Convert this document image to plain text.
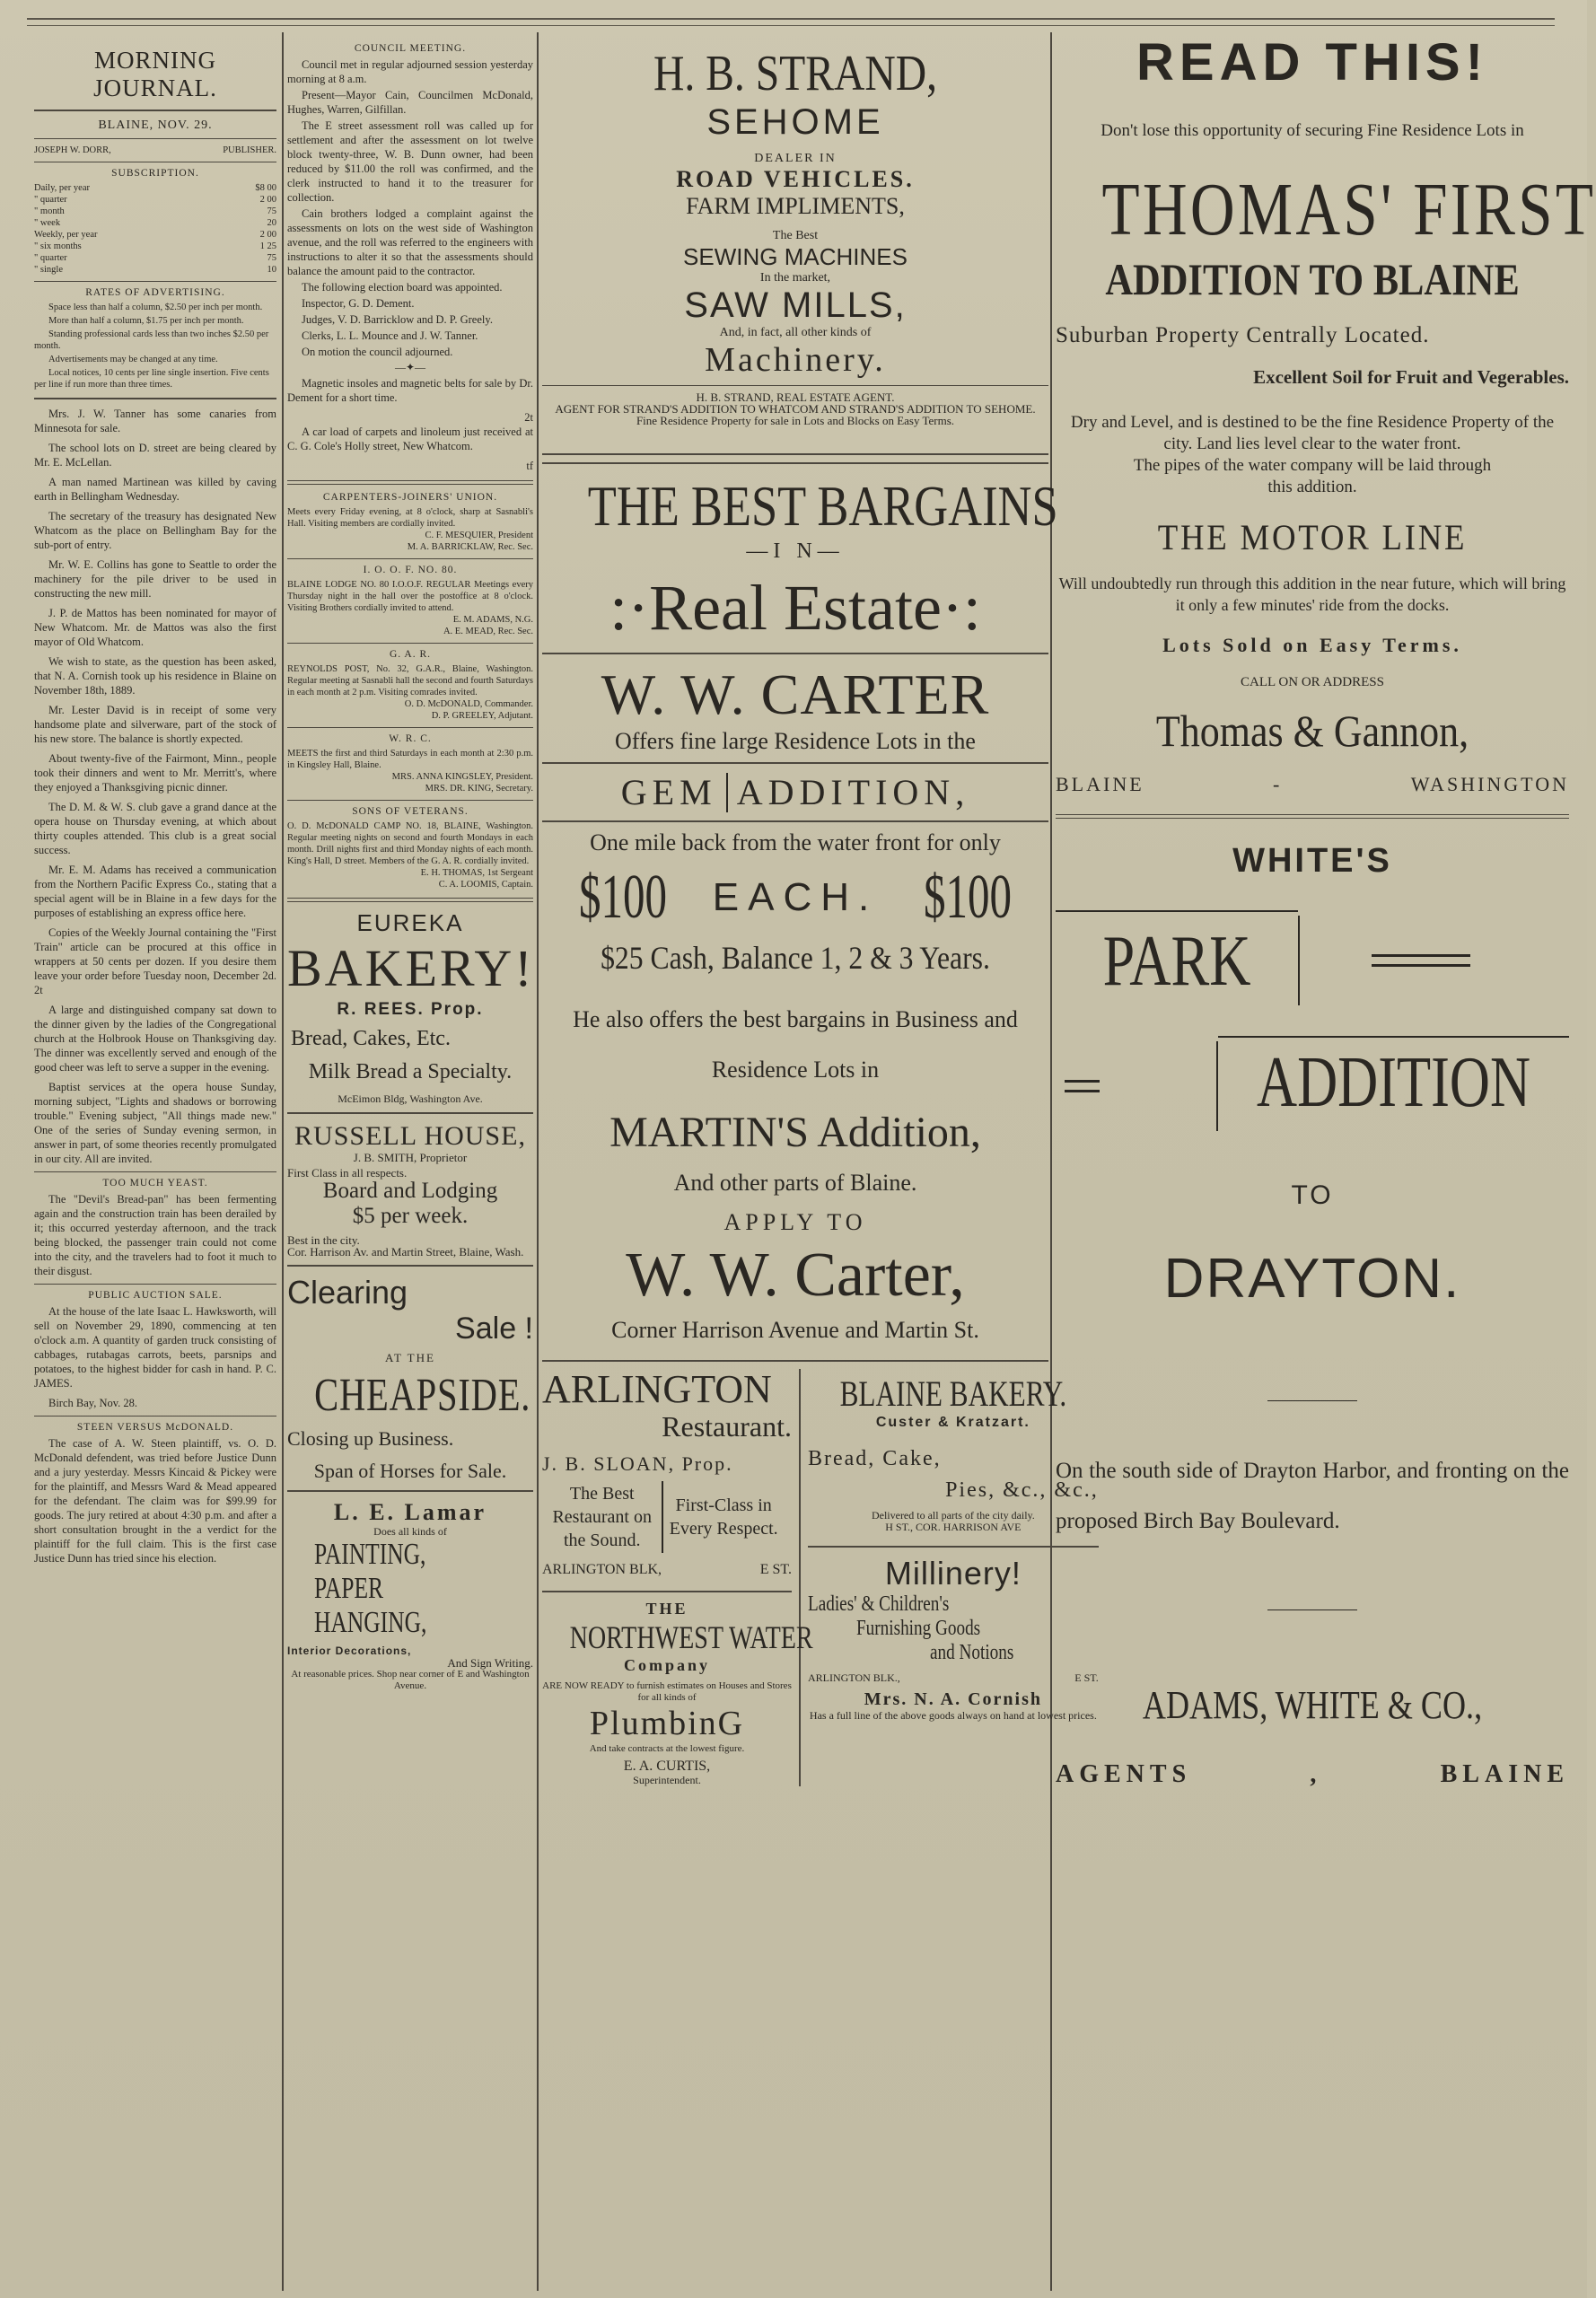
MORNING JOURNAL.
BLAINE, NOV. 29.
JOSEPH W. DORR,	PUBLISHER.
SUBSCRIPTION.
Daily, per year	$8 00
" quarter	2 00
" month	75
" week	20
Weekly, per year	2 00
" six months	1 25
" quarter	75
" single	10
RATES OF ADVERTISING.

Space less than half a column, $2.50 per inch per month.

More than half a column, $1.75 per inch per month.

Standing professional cards less than two inches $2.50 per month.

Advertisements may be changed at any time.

Local notices, 10 cents per line single insertion. Five cents per line if run more than three times.

Mrs. J. W. Tanner has some canaries from Minnesota for sale.

The school lots on D. street are being cleared by Mr. E. McLellan.

A man named Martinean was killed by caving earth in Bellingham Wednesday.

The secretary of the treasury has designated New Whatcom as the place on Bellingham Bay for the sub-port of entry.

Mr. W. E. Collins has gone to Seattle to order the machinery for the pile driver to be used in constructing the new mill.

J. P. de Mattos has been nominated for mayor of New Whatcom. Mr. de Mattos was also the first mayor of Old Whatcom.

We wish to state, as the question has been asked, that N. A. Cornish took up his residence in Blaine on November 18th, 1889.

Mr. Lester David is in receipt of some very handsome plate and silverware, part of the stock of his new store. The balance is shortly expected.

About twenty-five of the Fairmont, Minn., people took their dinners and went to Mr. Merritt's, where they enjoyed a Thanksgiving picnic dinner.

The D. M. & W. S. club gave a grand dance at the opera house on Thursday evening, at which about thirty couples attended. This club is a great social success.

Mr. E. M. Adams has received a communication from the Northern Pacific Express Co., stating that a special agent will be in Blaine in a few days for the purposes of establishing an express office here.

Copies of the Weekly Journal containing the "First Train" article can be procured at this office in wrappers at 50 cents per dozen. If you desire them leave your order before Tuesday noon, December 2d. 2t

A large and distinguished company sat down to the dinner given by the ladies of the Congregational church at the Holbrook House on Thanksgiving day. The dinner was excellently served and enough of the good cheer was left to serve a supper in the evening.

Baptist services at the opera house Sunday, morning subject, "Lights and shadows or borrowing trouble." Evening subject, "All things made new." One of the series of Sunday evening sermon, in answer in part, of some theories recently promulgated in our city. All are invited.

TOO MUCH YEAST.

The "Devil's Bread-pan" has been fermenting again and the construction train has been derailed by it; this occurred yesterday afternoon, and the track being blocked, the passenger train could not come into the city, and the travelers had to foot it much to their disgust.

PUBLIC AUCTION SALE.

At the house of the late Isaac L. Hawksworth, will sell on November 29, 1890, commencing at ten o'clock a.m. A quantity of garden truck consisting of cabbages, rutabagas carrots, beets, parsnips and potatoes, to the highest bidder for cash in hand. P. C. JAMES.

Birch Bay, Nov. 28.

STEEN VERSUS McDONALD.

The case of A. W. Steen plaintiff, vs. O. D. McDonald defendent, was tried before Justice Dunn and a jury yesterday. Messrs Kincaid & Pickey were for the plaintiff, and Messrs Ward & Mead appeared for the defendant. The claim was for $99.99 for goods. The jury retired at about 4:30 p.m. and after a short consultation brought in the a verdict for the plaintiff for the full claim. This is the first case Justice Dunn has tried since his election.

COUNCIL MEETING.

Council met in regular adjourned session yesterday morning at 8 a.m.

Present—Mayor Cain, Councilmen McDonald, Hughes, Warren, Gilfillan.

The E street assessment roll was called up for settlement and after the assessment on lot twelve block twenty-three, W. B. Dunn owner, had been reduced by $11.00 the roll was confirmed, and the clerk instructed to hand it to the treasurer for collection.

Cain brothers lodged a complaint against the assessments on lots on the west side of Washington avenue, and the roll was referred to the engineers with instructions to alter it so that the assessments should balance the amount paid to the contractor.

The following election board was appointed.

Inspector, G. D. Dement.

Judges, V. D. Barricklow and D. P. Greely.

Clerks, L. L. Mounce and J. W. Tanner.

On motion the council adjourned.

—✦—

Magnetic insoles and magnetic belts for sale by Dr. Dement for a short time.

2t

A car load of carpets and linoleum just received at C. G. Cole's Holly street, New Whatcom.

tf

CARPENTERS-JOINERS' UNION.

Meets every Friday evening, at 8 o'clock, sharp at Sasnabli's Hall. Visiting members are cordially invited.

C. F. MESQUIER, President

M. A. BARRICKLAW, Rec. Sec.

I. O. O. F. NO. 80.

BLAINE LODGE NO. 80 I.O.O.F. REGULAR Meetings every Thursday night in the hall over the postoffice at 8 o'clock. Visiting Brothers cordially invited to attend.

E. M. ADAMS, N.G.

A. E. MEAD, Rec. Sec.

G. A. R.

REYNOLDS POST, No. 32, G.A.R., Blaine, Washington. Regular meeting at Sasnabli hall the second and fourth Saturdays in each month at 2 p.m. Visiting comrades invited.

O. D. McDONALD, Commander.

D. P. GREELEY, Adjutant.

W. R. C.

MEETS the first and third Saturdays in each month at 2:30 p.m. in Kingsley Hall, Blaine.

MRS. ANNA KINGSLEY, President.

MRS. DR. KING, Secretary.

SONS OF VETERANS.

O. D. McDONALD CAMP NO. 18, BLAINE, Washington. Regular meeting nights on second and fourth Mondays in each month. Drill nights first and third Monday nights of each month. King's Hall, D street. Members of the G. A. R. cordially invited.

E. H. THOMAS, 1st Sergeant

C. A. LOOMIS, Captain.

EUREKA
BAKERY!
R. REES. Prop.
Bread, Cakes, Etc.
Milk Bread a Specialty.
McEimon Bldg, Washington Ave.
RUSSELL HOUSE,
J. B. SMITH, Proprietor
First Class in all respects.
Board and Lodging
$5 per week.
Best in the city.
Cor. Harrison Av. and Martin Street, Blaine, Wash.
Clearing
Sale !
AT THE
CHEAPSIDE.
Closing up Business.
Span of Horses for Sale.
L. E. Lamar
Does all kinds of
PAINTING,
PAPER HANGING,
Interior Decorations,
And Sign Writing.
At reasonable prices. Shop near corner of E and Washington Avenue.
H. B. STRAND,
SEHOME
DEALER IN
ROAD VEHICLES.
FARM IMPLIMENTS,
The Best
SEWING MACHINES
In the market,
SAW MILLS,
And, in fact, all other kinds of
Machinery.
H. B. STRAND, REAL ESTATE AGENT.
AGENT FOR STRAND'S ADDITION TO WHATCOM AND STRAND'S ADDITION TO SEHOME.
Fine Residence Property for sale in Lots and Blocks on Easy Terms.
THE BEST BARGAINS
—I N—
:·Real Estate·:
W. W. CARTER
Offers fine large Residence Lots in the
GEM ADDITION,
One mile back from the water front for only
$100 EACH. $100
$25 Cash, Balance 1, 2 & 3 Years.
He also offers the best bargains in Business and Residence Lots in
MARTIN'S Addition,
And other parts of Blaine.
APPLY TO
W. W. Carter,
Corner Harrison Avenue and Martin St.
ARLINGTON
Restaurant.
J. B. SLOAN, Prop.
The Best Restaurant on the Sound.
First-Class in Every Respect.
ARLINGTON BLK,	E ST.
THE
NORTHWEST WATER
Company
ARE NOW READY to furnish estimates on Houses and Stores for all kinds of
PlumbinG
And take contracts at the lowest figure.
E. A. CURTIS,
Superintendent.
BLAINE BAKERY.
Custer & Kratzart.
Bread, Cake,
Pies, &c., &c.,
Delivered to all parts of the city daily.
H ST., COR. HARRISON AVE
Millinery!
Ladies' & Children's
Furnishing Goods
and Notions
ARLINGTON BLK.,	E ST.
Mrs. N. A. Cornish
Has a full line of the above goods always on hand at lowest prices.
READ THIS!
Don't lose this opportunity of securing Fine Residence Lots in
THOMAS' FIRST
ADDITION TO BLAINE
Suburban Property Centrally Located.
Excellent Soil for Fruit and Vegerables.
Dry and Level, and is destined to be the fine Residence Property of the city. Land lies level clear to the water front.
The pipes of the water company will be laid through this addition.
THE MOTOR LINE
Will undoubtedly run through this addition in the near future, which will bring it only a few minutes' ride from the docks.
Lots Sold on Easy Terms.
CALL ON OR ADDRESS
Thomas & Gannon,
BLAINE	-	WASHINGTON
WHITE'S
PARK
ADDITION
TO
DRAYTON.
On the south side of Drayton Harbor, and fronting on the proposed Birch Bay Boulevard.
ADAMS, WHITE & CO.,
AGENTS	,	BLAINE
